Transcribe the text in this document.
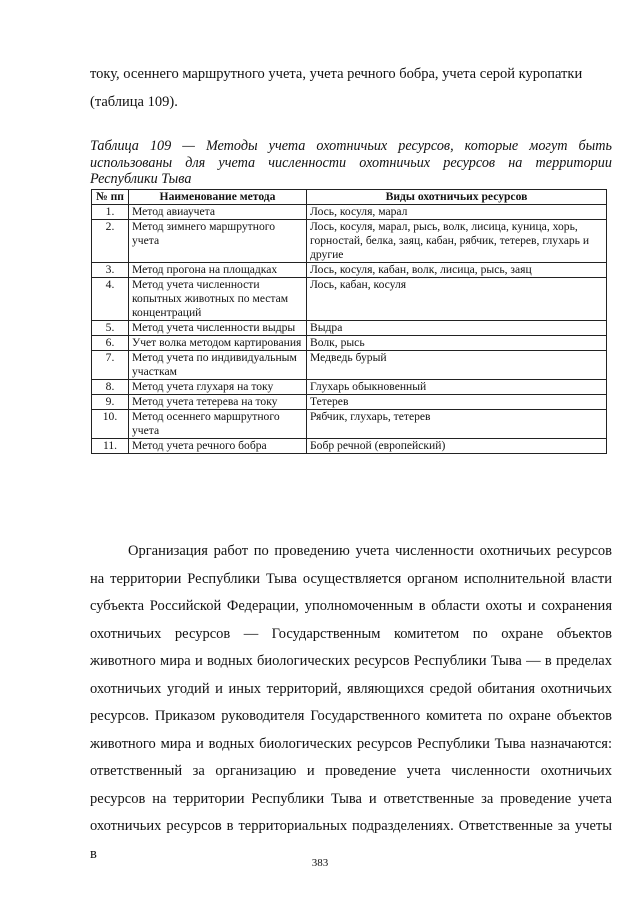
току, осеннего маршрутного учета, учета речного бобра, учета серой куропатки (таблица 109).
Таблица 109 — Методы учета охотничьих ресурсов, которые могут быть использованы для учета численности охотничьих ресурсов на территории Республики Тыва
№ пп	Наименование метода	Виды охотничьих ресурсов
1.	Метод авиаучета	Лось, косуля, марал
2.	Метод зимнего маршрутного учета	Лось, косуля, марал, рысь, волк, лисица, куница, хорь, горностай, белка, заяц, кабан, рябчик, тетерев, глухарь и другие
3.	Метод прогона на площадках	Лось, косуля, кабан, волк, лисица, рысь, заяц
4.	Метод учета численности копытных животных по местам концентраций	Лось, кабан, косуля
5.	Метод учета численности выдры	Выдра
6.	Учет волка методом картирования	Волк, рысь
7.	Метод учета по индивидуальным участкам	Медведь бурый
8.	Метод учета глухаря на току	Глухарь обыкновенный
9.	Метод учета тетерева на току	Тетерев
10.	Метод осеннего маршрутного учета	Рябчик, глухарь, тетерев
11.	Метод учета речного бобра	Бобр речной (европейский)

Организация работ по проведению учета численности охотничьих ресурсов на территории Республики Тыва осуществляется органом исполнительной власти субъекта Российской Федерации, уполномоченным в области охоты и сохранения охотничьих ресурсов — Государственным комитетом по охране объектов животного мира и водных биологических ресурсов Республики Тыва — в пределах охотничьих угодий и иных территорий, являющихся средой обитания охотничьих ресурсов. Приказом руководителя Государственного комитета по охране объектов животного мира и водных биологических ресурсов Республики Тыва назначаются: ответственный за организацию и проведение учета численности охотничьих ресурсов на территории Республики Тыва и ответственные за проведение учета охотничьих ресурсов в территориальных подразделениях. Ответственные за учеты в

383
